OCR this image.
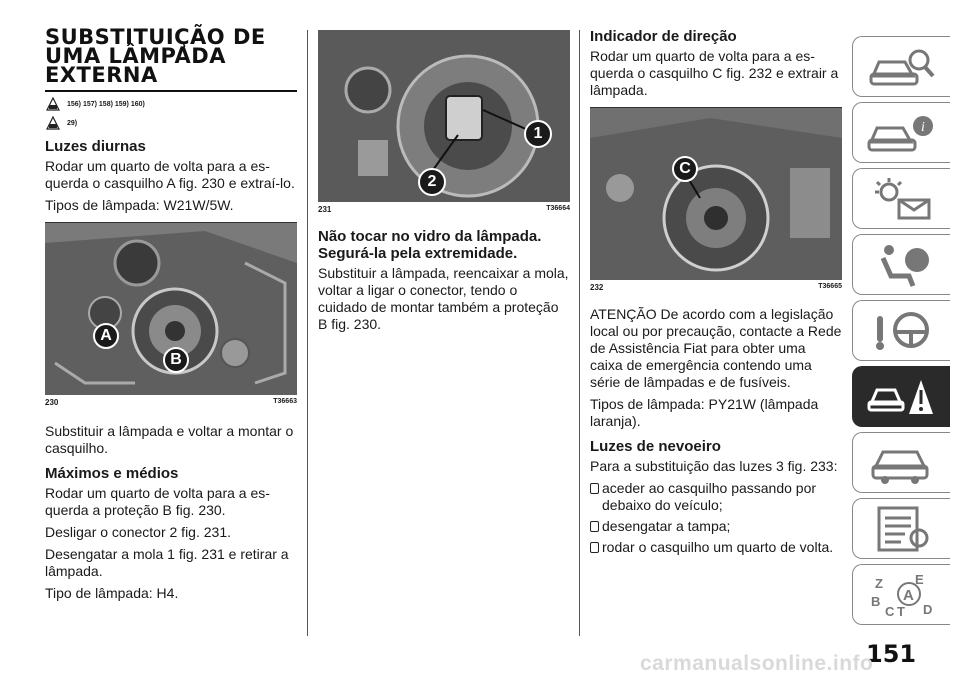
SUBSTITUIÇÃO DE
UMA LÂMPADA
EXTERNA
156) 157) 158) 159) 160)
29)
Luzes diurnas

Rodar um quarto de volta para a es-querda o casquilho A fig. 230 e extraí-lo.

Tipos de lâmpada: W21W/5W.

A
B
230	T36663

Substituir a lâmpada e voltar a montar o casquilho.

Máximos e médios

Rodar um quarto de volta para a es-querda a proteção B fig. 230.

Desligar o conector 2 fig. 231.

Desengatar a mola 1 fig. 231 e retirar a lâmpada.

Tipo de lâmpada: H4.

1
2
231	T36664
Não tocar no vidro da lâmpada. Segurá-la pela extremidade.

Substituir a lâmpada, reencaixar a mola, voltar a ligar o conector, tendo o cuidado de montar também a proteção B fig. 230.

Indicador de direção

Rodar um quarto de volta para a es-querda o casquilho C fig. 232 e extrair a lâmpada.

C
232	T36665

ATENÇÃO De acordo com a legislação local ou por precaução, contacte a Rede de Assistência Fiat para obter uma caixa de emergência contendo uma série de lâmpadas e de fusíveis.

Tipos de lâmpada: PY21W (lâmpada laranja).

Luzes de nevoeiro

Para a substituição das luzes 3 fig. 233:

aceder ao casquilho passando por debaixo do veículo;
desengatar a tampa;
rodar o casquilho um quarto de volta.
i
Z E
A
B
C T D
151
carmanualsonline.info
